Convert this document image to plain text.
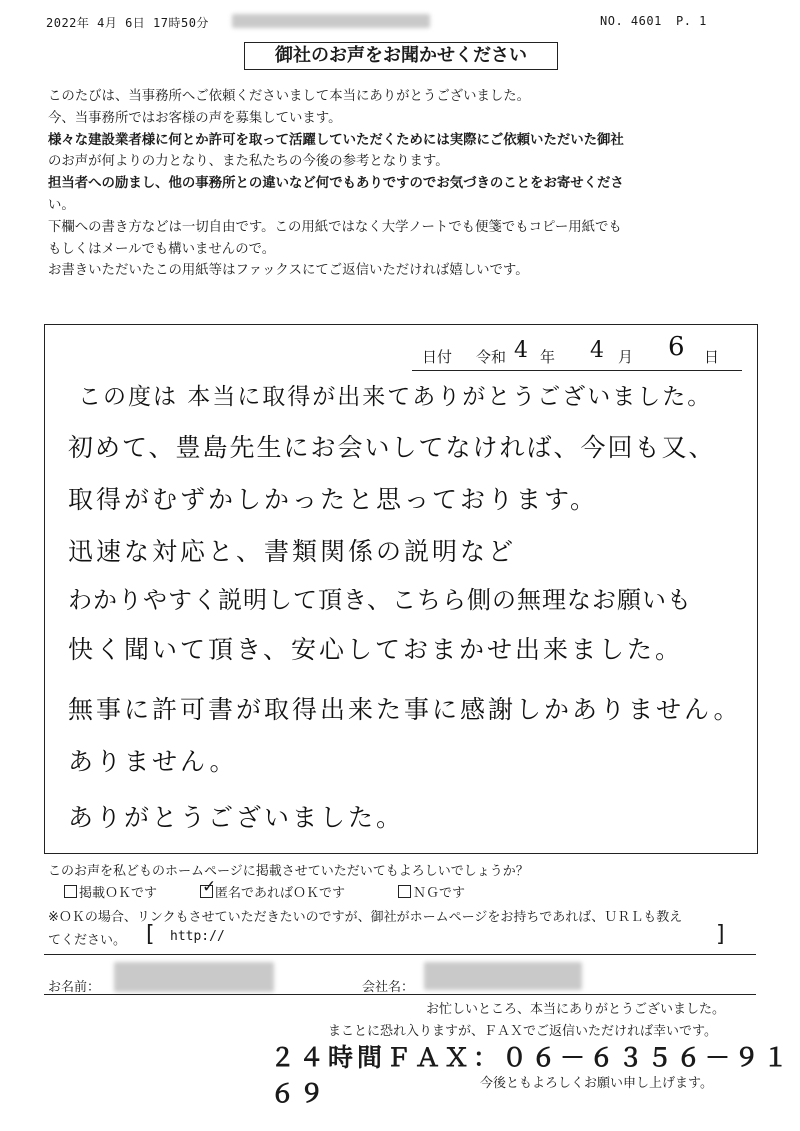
2022年 4月 6日 17時50分	NO. 4601 P. 1
御社のお声をお聞かせください

このたびは、当事務所へご依頼くださいまして本当にありがとうございました。

今、当事務所ではお客様の声を募集しています。

様々な建設業者様に何とか許可を取って活躍していただくためには実際にご依頼いただいた御社

のお声が何よりの力となり、また私たちの今後の参考となります。

担当者への励まし、他の事務所との違いなど何でもありですのでお気づきのことをお寄せくださ

い。

下欄への書き方などは一切自由です。この用紙ではなく大学ノートでも便箋でもコピー用紙でも

もしくはメールでも構いませんので。

お書きいただいたこの用紙等はファックスにてご返信いただければ嬉しいです。

日付 令和 4 年 4 月 6 日
この度は 本当に取得が出来てありがとうございました。
初めて、豊島先生にお会いしてなければ、今回も又、
取得がむずかしかったと思っております。
迅速な対応と、書類関係の説明など
わかりやすく説明して頂き、こちら側の無理なお願いも
快く聞いて頂き、安心しておまかせ出来ました。
無事に許可書が取得出来た事に感謝しかありません。
ありません。
ありがとうございました。
このお声を私どものホームページに掲載させていただいてもよろしいでしょうか？
掲載ＯＫです	✓
匿名であればＯＫです	ＮＧです
※ＯＫの場合、リンクもさせていただきたいのですが、御社がホームページをお持ちであれば、ＵＲＬも教え
てください。 [ http://	]
お名前：	会社名：
お忙しいところ、本当にありがとうございました。
まことに恐れ入りますが、ＦＡＸでご返信いただければ幸いです。
２４時間ＦＡＸ：０６－６３５６－９１６９	今後ともよろしくお願い申し上げます。
